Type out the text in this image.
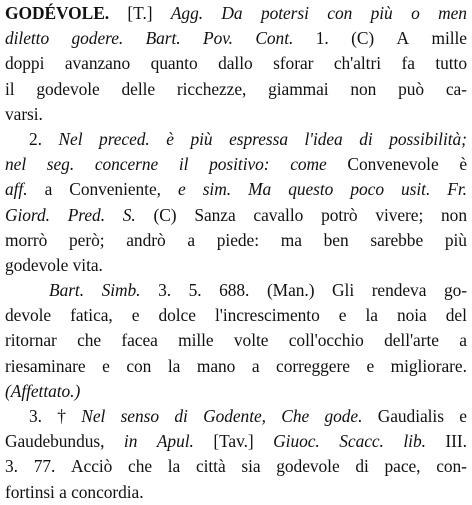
GODÉVOLE. [T.] Agg. Da potersi con più o men
diletto godere. Bart. Pov. Cont. 1. (C) A mille
doppi avanzano quanto dallo sforar ch'altri fa tutto
il godevole delle ricchezze, giammai non può ca-
varsi.
2. Nel preced. è più espressa l'idea di possibilità;
nel seg. concerne il positivo: come Convenevole è
aff. a Conveniente, e sim. Ma questo poco usit. Fr.
Giord. Pred. S. (C) Sanza cavallo potrò vivere; non
morrò però; andrò a piede: ma ben sarebbe più
godevole vita.
Bart. Simb. 3. 5. 688. (Man.) Gli rendeva go-
devole fatica, e dolce l'increscimento e la noia del
ritornar che facea mille volte coll'occhio dell'arte a
riesaminare e con la mano a correggere e migliorare.
(Affettato.)
3. † Nel senso di Godente, Che gode. Gaudialis e
Gaudebundus, in Apul. [Tav.] Giuoc. Scacc. lib. III.
3. 77. Acciò che la città sia godevole di pace, con-
fortinsi a concordia.
